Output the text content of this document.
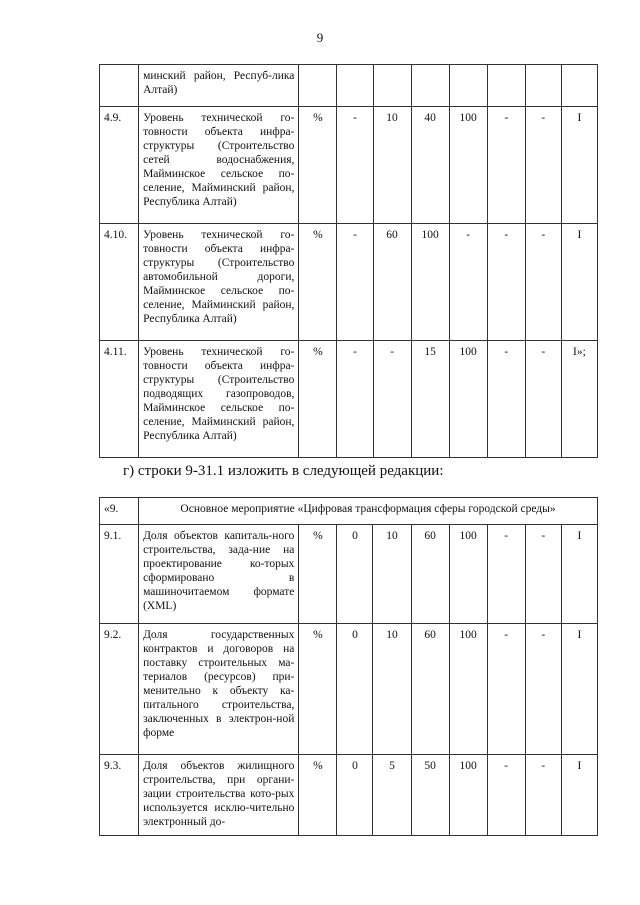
9
	минский район, Респуб-лика Алтай)								
4.9.	Уровень технической го-товности объекта инфра-структуры (Строительство сетей водоснабжения, Майминское сельское по-селение, Майминский район, Республика Алтай)	%	-	10	40	100	-	-	I
4.10.	Уровень технической го-товности объекта инфра-структуры (Строительство автомобильной дороги, Майминское сельское по-селение, Майминский район, Республика Алтай)	%	-	60	100	-	-	-	I
4.11.	Уровень технической го-товности объекта инфра-структуры (Строительство подводящих газопроводов, Майминское сельское по-селение, Майминский район, Республика Алтай)	%	-	-	15	100	-	-	I»;
г) строки 9-31.1 изложить в следующей редакции:
«9.	Основное мероприятие «Цифровая трансформация сферы городской среды»								
9.1.	Доля объектов капиталь-ного строительства, зада-ние на проектирование ко-торых сформировано в машиночитаемом формате (XML)	%	0	10	60	100	-	-	I
9.2.	Доля государственных контрактов и договоров на поставку строительных ма-териалов (ресурсов) при-менительно к объекту ка-питального строительства, заключенных в электрон-ной форме	%	0	10	60	100	-	-	I
9.3.	Доля объектов жилищного строительства, при органи-зации строительства кото-рых используется исклю-чительно электронный до-	%	0	5	50	100	-	-	I
